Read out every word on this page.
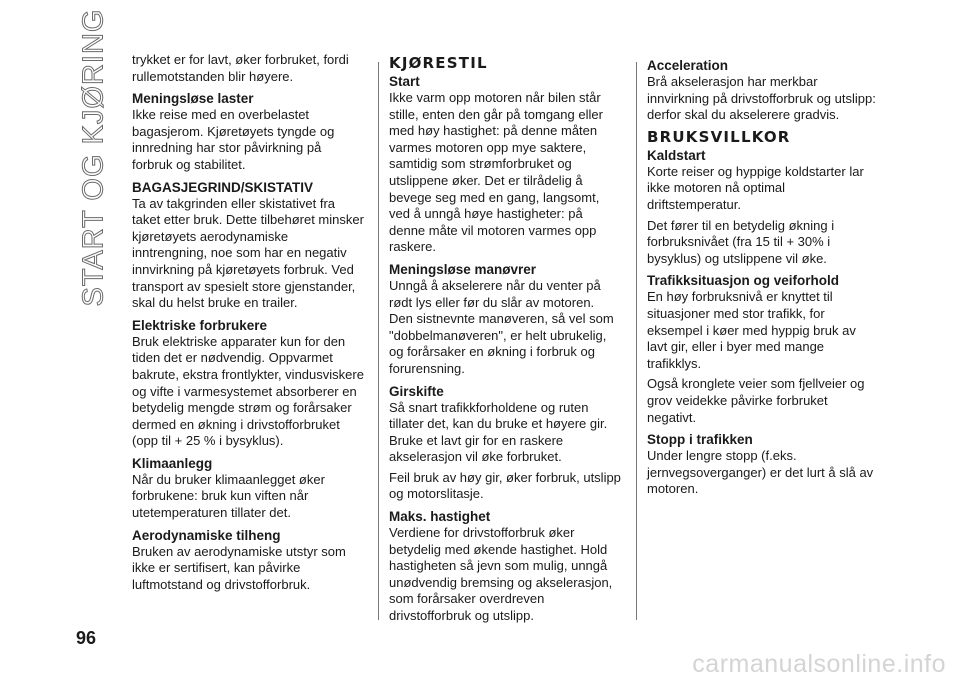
START OG KJØRING trykket er for lavt, øker forbruket, fordi rullemotstanden blir høyere.

Meningsløse laster

Ikke reise med en overbelastet bagasjerom. Kjøretøyets tyngde og innredning har stor påvirkning på forbruk og stabilitet.

BAGASJEGRIND/SKISTATIV

Ta av takgrinden eller skistativet fra taket etter bruk. Dette tilbehøret minsker kjøretøyets aerodynamiske inntrengning, noe som har en negativ innvirkning på kjøretøyets forbruk. Ved transport av spesielt store gjenstander, skal du helst bruke en trailer.

Elektriske forbrukere

Bruk elektriske apparater kun for den tiden det er nødvendig. Oppvarmet bakrute, ekstra frontlykter, vindusviskere og vifte i varmesystemet absorberer en betydelig mengde strøm og forårsaker dermed en økning i drivstofforbruket (opp til + 25 % i bysyklus).

Klimaanlegg

Når du bruker klimaanlegget øker forbrukene: bruk kun viften når utetemperaturen tillater det.

Aerodynamiske tilheng

Bruken av aerodynamiske utstyr som ikke er sertifisert, kan påvirke luftmotstand og drivstofforbruk.

KJØRESTIL
Start

Ikke varm opp motoren når bilen står stille, enten den går på tomgang eller med høy hastighet: på denne måten varmes motoren opp mye saktere, samtidig som strømforbruket og utslippene øker. Det er tilrådelig å bevege seg med en gang, langsomt, ved å unngå høye hastigheter: på denne måte vil motoren varmes opp raskere.

Meningsløse manøvrer

Unngå å akselerere når du venter på rødt lys eller før du slår av motoren. Den sistnevnte manøveren, så vel som "dobbelmanøveren", er helt ubrukelig, og forårsaker en økning i forbruk og forurensning.

Girskifte

Så snart trafikkforholdene og ruten tillater det, kan du bruke et høyere gir. Bruke et lavt gir for en raskere akselerasjon vil øke forbruket.

Feil bruk av høy gir, øker forbruk, utslipp og motorslitasje.

Maks. hastighet

Verdiene for drivstofforbruk øker betydelig med økende hastighet. Hold hastigheten så jevn som mulig, unngå unødvendig bremsing og akselerasjon, som forårsaker overdreven drivstofforbruk og utslipp.

Acceleration

Brå akselerasjon har merkbar innvirkning på drivstofforbruk og utslipp: derfor skal du akselerere gradvis.

BRUKSVILLKOR
Kaldstart

Korte reiser og hyppige koldstarter lar ikke motoren nå optimal driftstemperatur.

Det fører til en betydelig økning i forbruksnivået (fra 15 til + 30% i bysyklus) og utslippene vil øke.

Trafikksituasjon og veiforhold

En høy forbruksnivå er knyttet til situasjoner med stor trafikk, for eksempel i køer med hyppig bruk av lavt gir, eller i byer med mange trafikklys.

Også kronglete veier som fjellveier og grov veidekke påvirke forbruket negativt.

Stopp i trafikken

Under lengre stopp (f.eks. jernvegsoverganger) er det lurt å slå av motoren.

96
carmanualsonline.info
